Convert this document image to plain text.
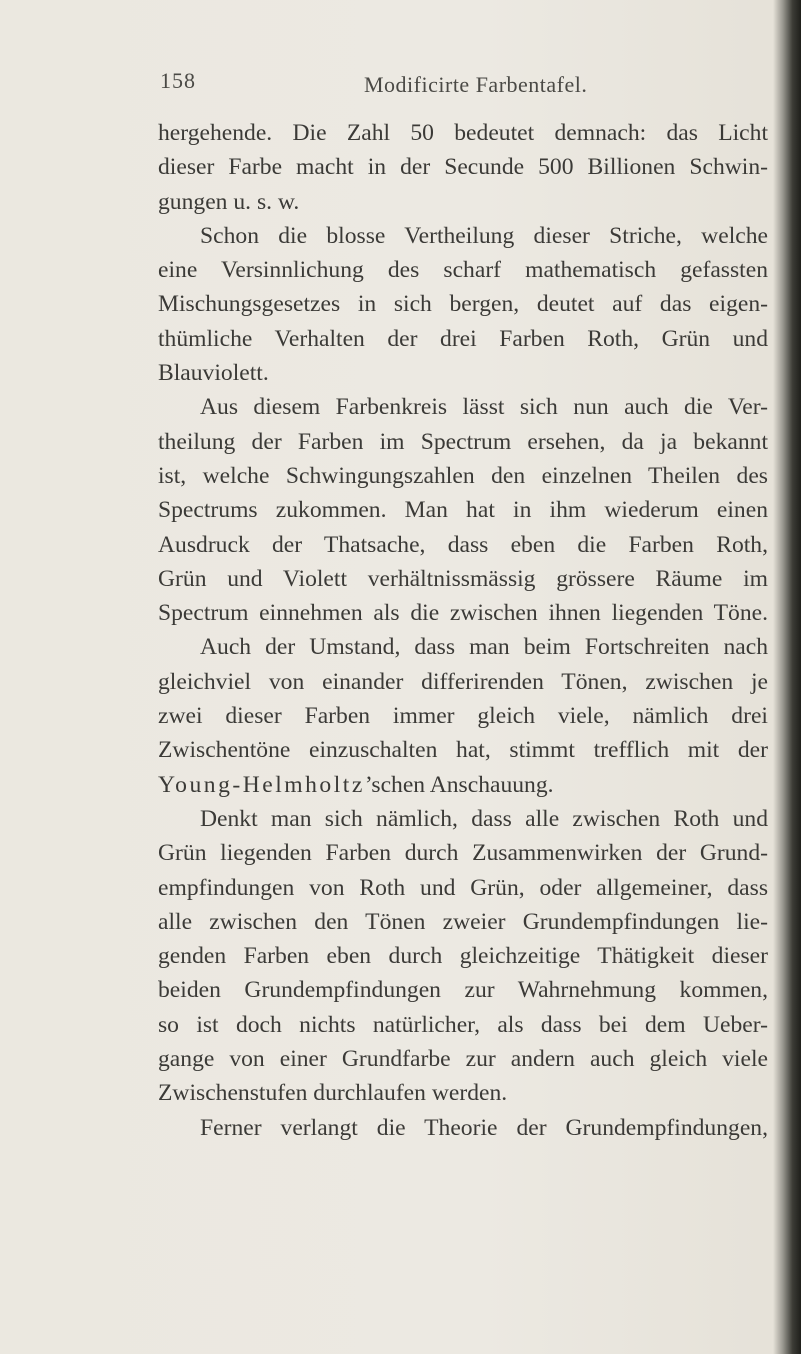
158	Modificirte Farbentafel.
hergehende. Die Zahl 50 bedeutet demnach: das Licht
dieser Farbe macht in der Secunde 500 Billionen Schwin-
gungen u. s. w.
Schon die blosse Vertheilung dieser Striche, welche
eine Versinnlichung des scharf mathematisch gefassten
Mischungsgesetzes in sich bergen, deutet auf das eigen-
thümliche Verhalten der drei Farben Roth, Grün und
Blauviolett.
Aus diesem Farbenkreis lässt sich nun auch die Ver-
theilung der Farben im Spectrum ersehen, da ja bekannt
ist, welche Schwingungszahlen den einzelnen Theilen des
Spectrums zukommen. Man hat in ihm wiederum einen
Ausdruck der Thatsache, dass eben die Farben Roth,
Grün und Violett verhältnissmässig grössere Räume im
Spectrum einnehmen als die zwischen ihnen liegenden Töne.
Auch der Umstand, dass man beim Fortschreiten nach
gleichviel von einander differirenden Tönen, zwischen je
zwei dieser Farben immer gleich viele, nämlich drei
Zwischentöne einzuschalten hat, stimmt trefflich mit der
Young-Helmholtz’schen Anschauung.
Denkt man sich nämlich, dass alle zwischen Roth und
Grün liegenden Farben durch Zusammenwirken der Grund-
empfindungen von Roth und Grün, oder allgemeiner, dass
alle zwischen den Tönen zweier Grundempfindungen lie-
genden Farben eben durch gleichzeitige Thätigkeit dieser
beiden Grundempfindungen zur Wahrnehmung kommen,
so ist doch nichts natürlicher, als dass bei dem Ueber-
gange von einer Grundfarbe zur andern auch gleich viele
Zwischenstufen durchlaufen werden.
Ferner verlangt die Theorie der Grundempfindungen,
